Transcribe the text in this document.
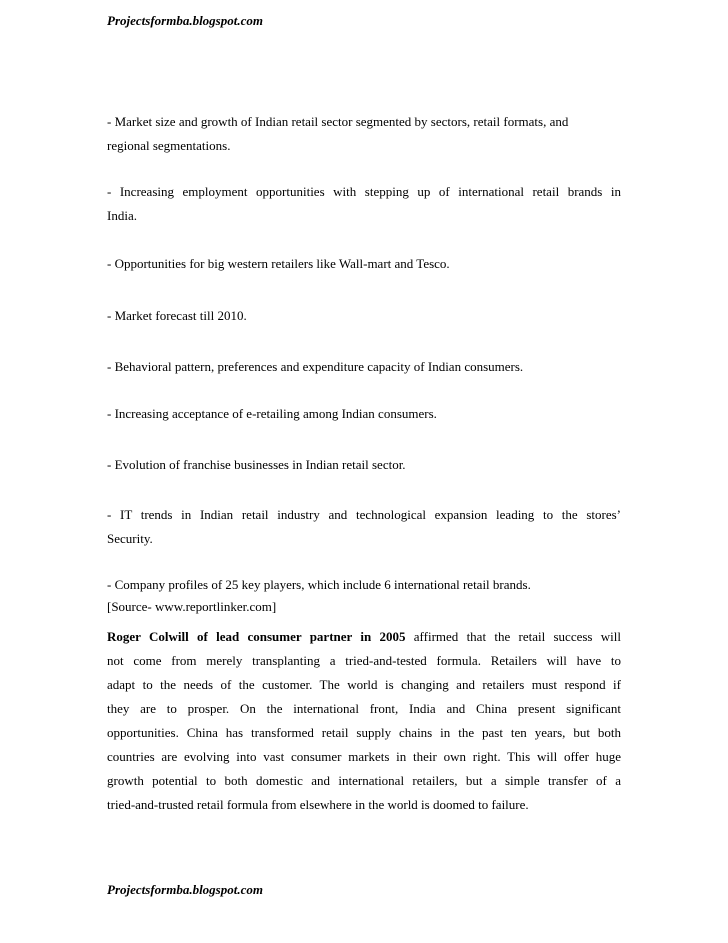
Projectsformba.blogspot.com
- Market size and growth of Indian retail sector segmented by sectors, retail formats, and
regional segmentations.
- Increasing employment opportunities with stepping up of international retail brands in
India.
- Opportunities for big western retailers like Wall-mart and Tesco.
- Market forecast till 2010.
- Behavioral pattern, preferences and expenditure capacity of Indian consumers.
- Increasing acceptance of e-retailing among Indian consumers.
- Evolution of franchise businesses in Indian retail sector.
- IT trends in Indian retail industry and technological expansion leading to the stores’
Security.
- Company profiles of 25 key players, which include 6 international retail brands.
[Source- www.reportlinker.com]
Roger Colwill of lead consumer partner in 2005 affirmed that the retail success will
not come from merely transplanting a tried-and-tested formula. Retailers will have to
adapt to the needs of the customer. The world is changing and retailers must respond if
they are to prosper. On the international front, India and China present significant
opportunities. China has transformed retail supply chains in the past ten years, but both
countries are evolving into vast consumer markets in their own right. This will offer huge
growth potential to both domestic and international retailers, but a simple transfer of a
tried-and-trusted retail formula from elsewhere in the world is doomed to failure.
Projectsformba.blogspot.com
